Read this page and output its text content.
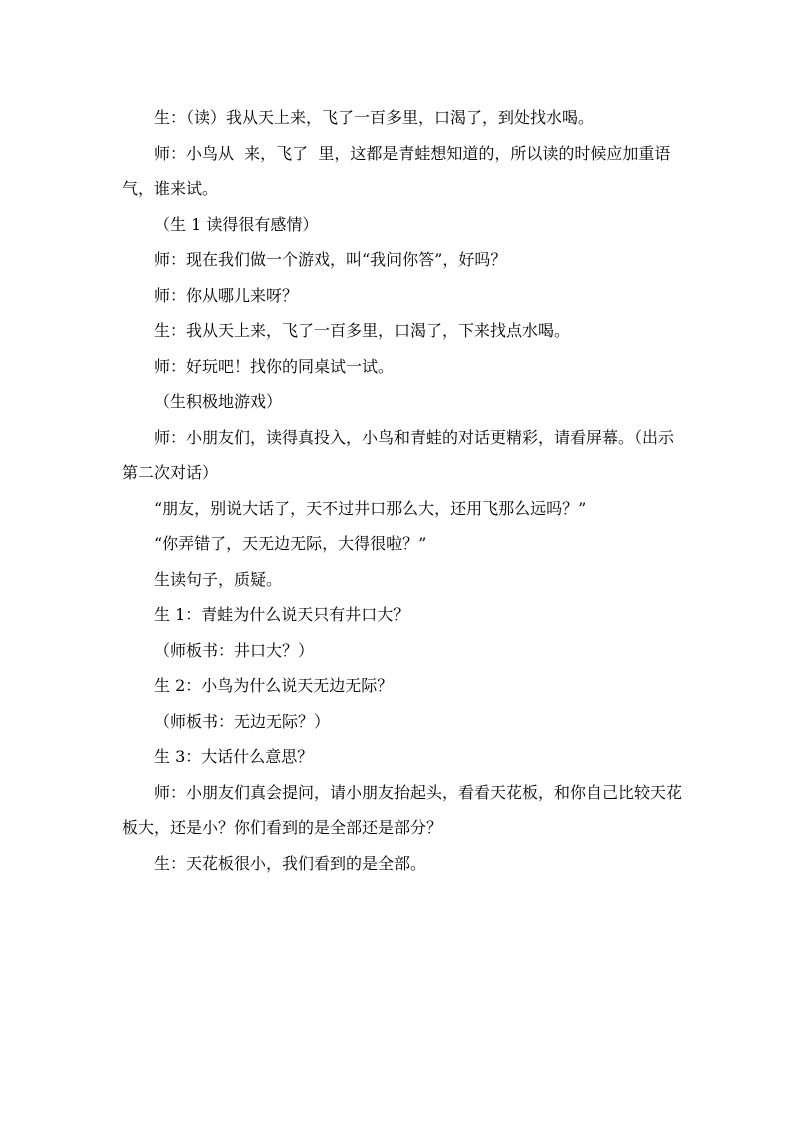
生：（读）我从天上来，飞了一百多里，口渴了，到处找水喝。

师：小鸟从  来，飞了  里，这都是青蛙想知道的，所以读的时候应加重语气，谁来试。

（生 1 读得很有感情）

师：现在我们做一个游戏，叫“我问你答”，好吗？

师：你从哪儿来呀？

生：我从天上来，飞了一百多里，口渴了，下来找点水喝。

师：好玩吧！找你的同桌试一试。

（生积极地游戏）

师：小朋友们，读得真投入，小鸟和青蛙的对话更精彩，请看屏幕。（出示第二次对话）

“朋友，别说大话了，天不过井口那么大，还用飞那么远吗？”

“你弄错了，天无边无际，大得很啦？”

生读句子，质疑。

生 1：青蛙为什么说天只有井口大？

（师板书：井口大？）

生 2：小鸟为什么说天无边无际？

（师板书：无边无际？）

生 3：大话什么意思？

师：小朋友们真会提问，请小朋友抬起头，看看天花板，和你自己比较天花板大，还是小？你们看到的是全部还是部分？

生：天花板很小，我们看到的是全部。
